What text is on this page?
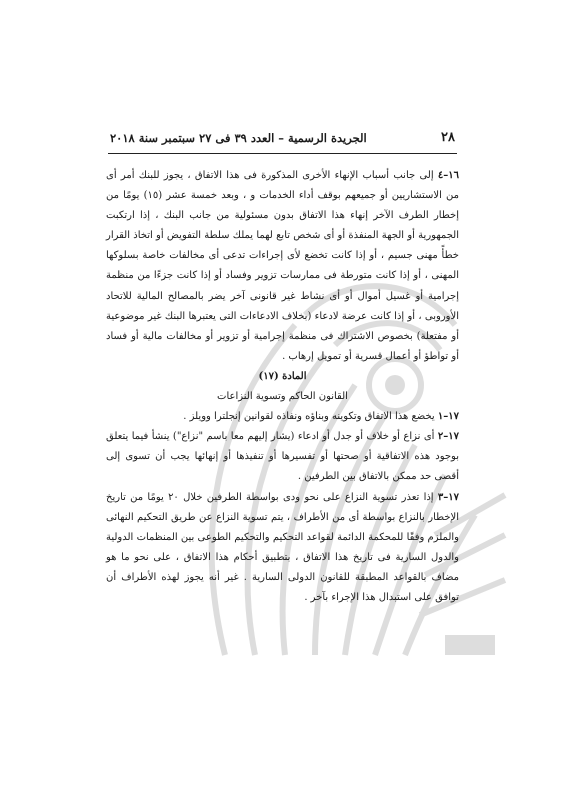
٢٨
الجريدة الرسمية – العدد ٣٩ فى ٢٧ سبتمبر سنة ٢٠١٨

١٦–٤ إلى جانب أسباب الإنهاء الأخرى المذكورة فى هذا الاتفاق ، يجوز للبنك أمر أى من الاستشاريين أو جميعهم بوقف أداء الخدمات و ، وبعد خمسة عشر (١٥) يومًا من إخطار الطرف الآخر إنهاء هذا الاتفاق بدون مسئولية من جانب البنك ، إذا ارتكبت الجمهورية أو الجهة المنفذة أو أى شخص تابع لهما يملك سلطة التفويض أو اتخاذ القرار خطأً مهنى جسيم ، أو إذا كانت تخضع لأى إجراءات تدعى أى مخالفات خاصة بسلوكها المهنى ، أو إذا كانت متورطة فى ممارسات تزوير وفساد أو إذا كانت جزءًا من منظمة إجرامية أو غسيل أموال أو أى نشاط غير قانونى آخر يضر بالمصالح المالية للاتحاد الأوروبى ، أو إذا كانت عرضة لادعاء (بخلاف الادعاءات التى يعتبرها البنك غير موضوعية أو مفتعلة) بخصوص الاشتراك فى منظمة إجرامية أو تزوير أو مخالفات مالية أو فساد أو تواطؤ أو أعمال قسرية أو تمويل إرهاب .

المادة (١٧)

القانون الحاكم وتسوية النزاعات

١٧–١ يخضع هذا الاتفاق وتكوينه وبناؤه ونفاذه لقوانين إنجلترا وويلز .

١٧–٢ أى نزاع أو خلاف أو جدل أو ادعاء (يشار إليهم معا باسم "نزاع") ينشأ فيما يتعلق بوجود هذه الاتفاقية أو صحتها أو تفسيرها أو تنفيذها أو إنهائها يجب أن تسوى إلى أقصى حد ممكن بالاتفاق بين الطرفين .

١٧–٣ إذا تعذر تسوية النزاع على نحو ودى بواسطة الطرفين خلال ٢٠ يومًا من تاريخ الإخطار بالنزاع بواسطة أى من الأطراف ، يتم تسوية النزاع عن طريق التحكيم النهائى والملزم وفقًا للمحكمة الدائمة لقواعد التحكيم والتحكيم الطوعى بين المنظمات الدولية والدول السارية فى تاريخ هذا الاتفاق ، بتطبيق أحكام هذا الاتفاق ، على نحو ما هو مضاف بالقواعد المطبقة للقانون الدولى السارية . غير أنه يجوز لهذه الأطراف أن توافق على استبدال هذا الإجراء بآخر .
